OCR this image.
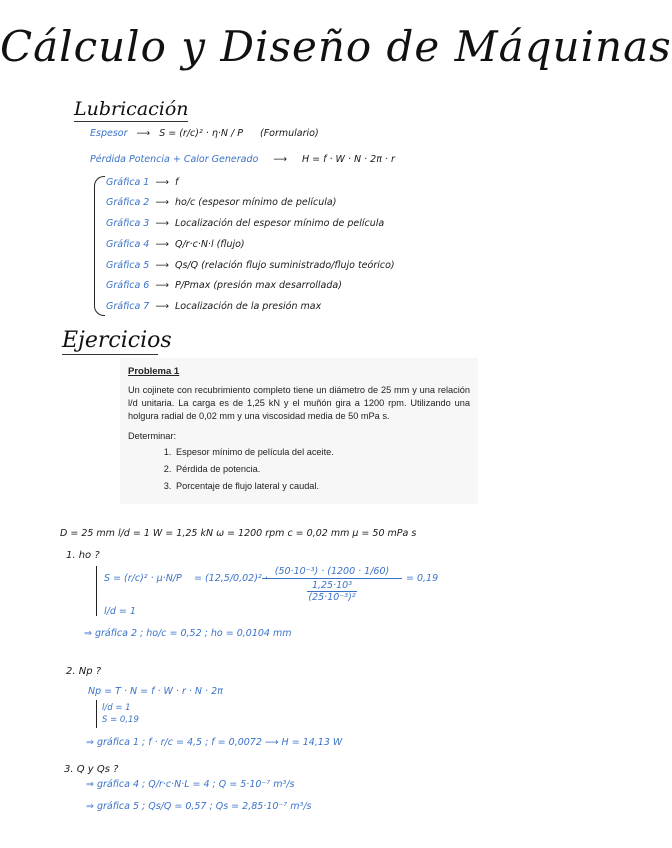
Cálculo y Diseño de Máquinas
Lubricación
Espesor ⟶ S = (r/c)² · η·N / P (Formulario)
Pérdida Potencia + Calor Generado ⟶ H = f · W · N · 2π · r
Gráfica 1 ⟶ f
Gráfica 2 ⟶ ho/c (espesor mínimo de película)
Gráfica 3 ⟶ Localización del espesor mínimo de película
Gráfica 4 ⟶ Q/r·c·N·l (flujo)
Gráfica 5 ⟶ Qs/Q (relación flujo suministrado/flujo teórico)
Gráfica 6 ⟶ P/Pmax (presión max desarrollada)
Gráfica 7 ⟶ Localización de la presión max
Ejercicios
Problema 1
Un cojinete con recubrimiento completo tiene un diámetro de 25 mm y una relación l/d unitaria. La carga es de 1,25 kN y el muñón gira a 1200 rpm. Utilizando una holgura radial de 0,02 mm y una viscosidad media de 50 mPa s.
Determinar:
1. Espesor mínimo de película del aceite.
2. Pérdida de potencia.
3. Porcentaje de flujo lateral y caudal.
D = 25 mm l/d = 1 W = 1,25 kN ω = 1200 rpm c = 0,02 mm μ = 50 mPa s
1. ho ?
S = (r/c)² · μ·N/P = (12,5/0,02)² ·
(50·10⁻³) · (1200 · 1/60)
1,25·10³
(25·10⁻³)²
= 0,19
l/d = 1
⇒ gráfica 2 ; ho/c = 0,52 ; ho = 0,0104 mm
2. Np ?
Np = T · N = f · W · r · N · 2π
l/d = 1
S = 0,19
⇒ gráfica 1 ; f · r/c = 4,5 ; f = 0,0072 ⟶ H = 14,13 W
3. Q y Qs ?
⇒ gráfica 4 ; Q/r·c·N·L = 4 ; Q = 5·10⁻⁷ m³/s
⇒ gráfica 5 ; Qs/Q = 0,57 ; Qs = 2,85·10⁻⁷ m³/s
